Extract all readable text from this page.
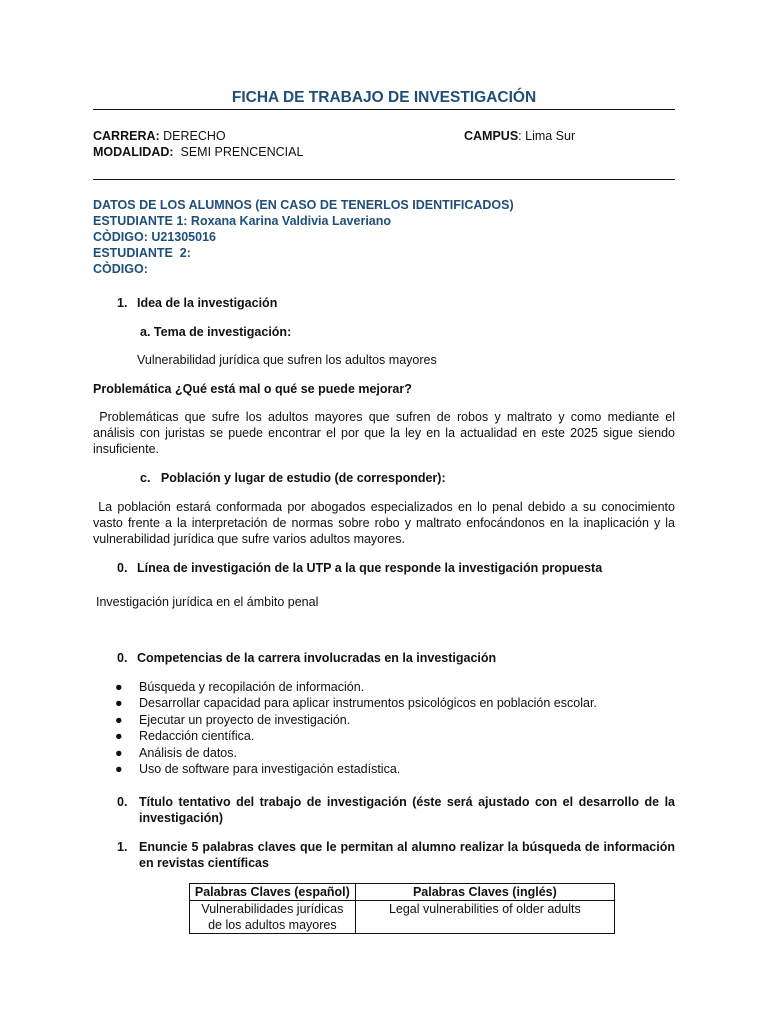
FICHA DE TRABAJO DE INVESTIGACIÓN
CARRERA: DERECHO	CAMPUS: Lima Sur
MODALIDAD:  SEMI PRENCENCIAL
DATOS DE LOS ALUMNOS (EN CASO DE TENERLOS IDENTIFICADOS)
ESTUDIANTE 1: Roxana Karina Valdivia Laveriano
CÒDIGO: U21305016
ESTUDIANTE  2:
CÒDIGO:
1. Idea de la investigación
a. Tema de investigación:
Vulnerabilidad jurídica que sufren los adultos mayores
Problemática ¿Qué está mal o qué se puede mejorar?
Problemáticas que sufre los adultos mayores que sufren de robos y maltrato y como mediante el análisis con juristas se puede encontrar el por que la ley en la actualidad en este 2025 sigue siendo insuficiente.
c. Población y lugar de estudio (de corresponder):
La población estará conformada por abogados especializados en lo penal debido a su conocimiento vasto frente a la interpretación de normas sobre robo y maltrato enfocándonos en la inaplicación y la vulnerabilidad jurídica que sufre varios adultos mayores.
0. Línea de investigación de la UTP a la que responde la investigación propuesta
Investigación jurídica en el ámbito penal
0. Competencias de la carrera involucradas en la investigación
●	Búsqueda y recopilación de información.
●	Desarrollar capacidad para aplicar instrumentos psicológicos en población escolar.
●	Ejecutar un proyecto de investigación.
●	Redacción científica.
●	Análisis de datos.
●	Uso de software para investigación estadística.
0. Título tentativo del trabajo de investigación (éste será ajustado con el desarrollo de la investigación)
1. Enuncie 5 palabras claves que le permitan al alumno realizar la búsqueda de información en revistas científicas
Palabras Claves (español)	Palabras Claves (inglés)
Vulnerabilidades jurídicas de los adultos mayores	Legal vulnerabilities of older adults
